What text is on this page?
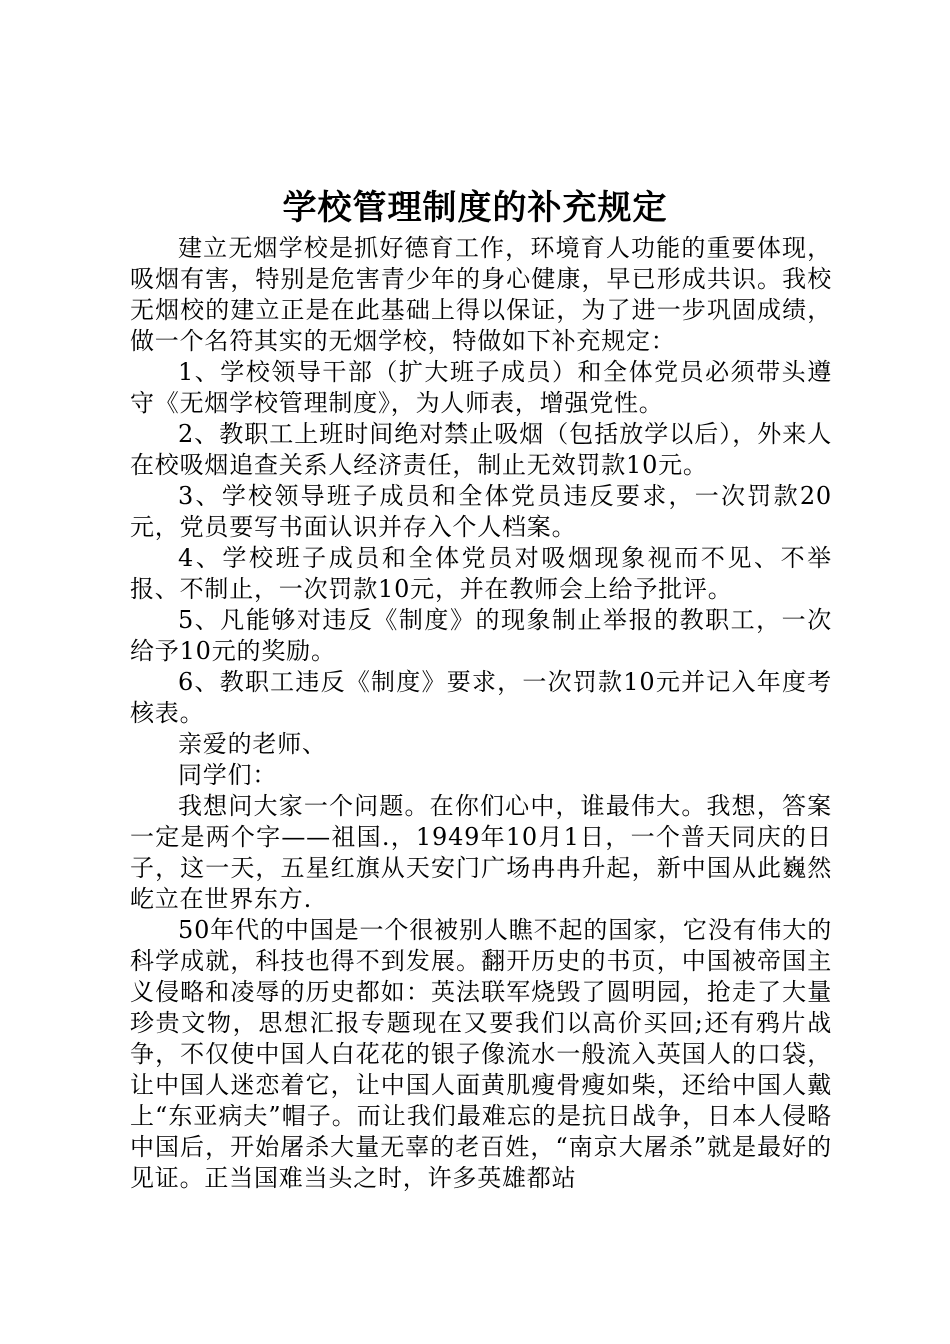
学校管理制度的补充规定

建立无烟学校是抓好德育工作，环境育人功能的重要体现，吸烟有害，特别是危害青少年的身心健康，早已形成共识。我校无烟校的建立正是在此基础上得以保证，为了进一步巩固成绩，做一个名符其实的无烟学校，特做如下补充规定：

1、学校领导干部（扩大班子成员）和全体党员必须带头遵守《无烟学校管理制度》，为人师表，增强党性。

2、教职工上班时间绝对禁止吸烟（包括放学以后），外来人在校吸烟追查关系人经济责任，制止无效罚款10元。

3、学校领导班子成员和全体党员违反要求，一次罚款20元，党员要写书面认识并存入个人档案。

4、学校班子成员和全体党员对吸烟现象视而不见、不举报、不制止，一次罚款10元，并在教师会上给予批评。

5、凡能够对违反《制度》的现象制止举报的教职工，一次给予10元的奖励。

6、教职工违反《制度》要求，一次罚款10元并记入年度考核表。

亲爱的老师、

同学们：

我想问大家一个问题。在你们心中，谁最伟大。我想，答案一定是两个字——祖国.，1949年10月1日，一个普天同庆的日子，这一天，五星红旗从天安门广场冉冉升起，新中国从此巍然屹立在世界东方.

50年代的中国是一个很被别人瞧不起的国家，它没有伟大的科学成就，科技也得不到发展。翻开历史的书页，中国被帝国主义侵略和凌辱的历史都如：英法联军烧毁了圆明园，抢走了大量珍贵文物，思想汇报专题现在又要我们以高价买回;还有鸦片战争，不仅使中国人白花花的银子像流水一般流入英国人的口袋，让中国人迷恋着它，让中国人面黄肌瘦骨瘦如柴，还给中国人戴上“东亚病夫”帽子。而让我们最难忘的是抗日战争，日本人侵略中国后，开始屠杀大量无辜的老百姓，“南京大屠杀”就是最好的见证。正当国难当头之时，许多英雄都站
